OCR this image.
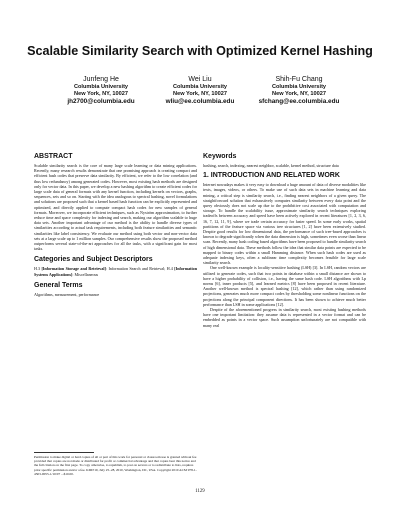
Scalable Similarity Search with Optimized Kernel Hashing
Junfeng He
Columbia University
New York, NY, 10027
jh2700@columbia.edu
Wei Liu
Columbia University
New York, NY, 10027
wliu@ee.columbia.edu
Shih-Fu Chang
Columbia University
New York, NY, 10027
sfchang@ee.columbia.edu
ABSTRACT

Scalable similarity search is the core of many large scale learning or data mining applications. Recently, many research results demonstrate that one promising approach is creating compact and efficient hash codes that preserve data similarity. By efficient, we refer to the low correlation (and thus low redundancy) among generated codes. However, most existing hash methods are designed only for vector data. In this paper, we develop a new hashing algorithm to create efficient codes for large scale data of general formats with any kernel function, including kernels on vectors, graphs, sequences, sets and so on. Starting with the idea analogous to spectral hashing, novel formulations and solutions are proposed such that a kernel based hash function can be explicitly represented and optimized, and directly applied to compute compact hash codes for new samples of general formats. Moreover, we incorporate efficient techniques, such as Nyström approximation, to further reduce time and space complexity for indexing and search, making our algorithm scalable to huge data sets. Another important advantage of our method is the ability to handle diverse types of similarities according to actual task requirements, including both feature similarities and semantic similarities like label consistency. We evaluate our method using both vector and non-vector data sets at a large scale up to 1 million samples. Our comprehensive results show the proposed method outperforms several state-of-the-art approaches for all the tasks, with a significant gain for most tasks.

Categories and Subject Descriptors

H.3 [Information Storage and Retrieval]: Information Search and Retrieval; H.4 [Information Systems Applications]: Miscellaneous

General Terms

Algorithms, measurement, performance

Permission to make digital or hard copies of all or part of this work for personal or classroom use is granted without fee provided that copies are not made or distributed for profit or commercial advantage and that copies bear this notice and the full citation on the first page. To copy otherwise, to republish, to post on servers or to redistribute to lists, requires prior specific permission and/or a fee. KDD'10, July 25–28, 2010, Washington, DC, USA. Copyright 2010 ACM 978-1-4503-0055-1/10/07 ...$10.00.

Keywords

hashing, search, indexing, nearest neighbor, scalable, kernel method, structure data

1. INTRODUCTION AND RELATED WORK

Internet nowadays makes it very easy to download a huge amount of data of diverse modalities like texts, images, videos, or others. To make use of such data sets in machine learning and data mining, a critical step is similarity search, i.e., finding nearest neighbors of a given query. The straightforward solution that exhaustively computes similarity between every data point and the query obviously does not scale up due to the prohibitive cost associated with computation and storage. To handle the scalability issue, approximate similarity search techniques exploring tradeoffs between accuracy and speed have been actively explored in recent literatures [1, 2, 3, 6, 16, 7, 12, 11, 9], where we trade certain accuracy for faster speed. In some early works, spatial partitions of the feature space via various tree structures [1, 2] have been extensively studied. Despite good results for low dimensional data, the performance of such tree-based approaches is known to degrade significantly when the data dimension is high, sometimes even worse than linear scan. Recently, many hash coding based algorithms have been proposed to handle similarity search of high dimensional data. These methods follow the idea that similar data points are expected to be mapped to binary codes within a small Hamming distance. When such hash codes are used as adequate indexing keys, often a sublinear time complexity becomes feasible for large scale similarity search.

One well-known example is locality-sensitive hashing (LSH) [3]. In LSH, random vectors are utilized to generate codes, such that two points in database within a small distance are shown to have a higher probability of collision, i.e., having the same hash code. LSH algorithms with Lp norms [6], inner products [5], and learned metrics [8] have been proposed in recent literature. Another well-known method is spectral hashing [12], which rather than using randomized projections, generates much more compact codes by thresholding some nonlinear functions on the projections along the principal component directions. It has been shown to achieve much better performance than LSH in some applications [12].

Despite of the aforementioned progress in similarity search, most existing hashing methods have one important limitation: they assume data is represented in a vector format and can be embedded as points in a vector space. Such assumption unfortunately are not compatible with many real

1129
